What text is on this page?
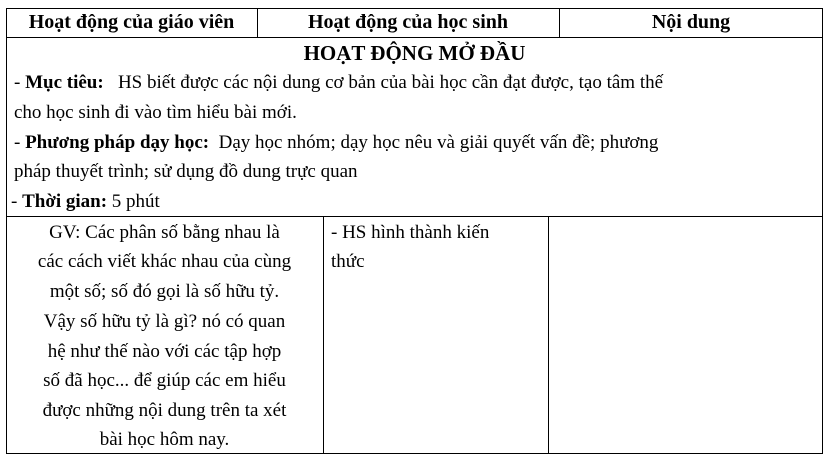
Hoạt động của giáo viên	Hoạt động của học sinh	Nội dung
HOẠT ĐỘNG MỞ ĐẦU
- Mục tiêu: HS biết được các nội dung cơ bản của bài học cần đạt được, tạo tâm thế
cho học sinh đi vào tìm hiểu bài mới.
- Phương pháp dạy học: Dạy học nhóm; dạy học nêu và giải quyết vấn đề; phương
pháp thuyết trình; sử dụng đồ dung trực quan
- Thời gian: 5 phút
GV: Các phân số bằng nhau là
các cách viết khác nhau của cùng
một số; số đó gọi là số hữu tỷ.
Vậy số hữu tỷ là gì? nó có quan
hệ như thế nào với các tập hợp
số đã học... để giúp các em hiểu
được những nội dung trên ta xét
bài học hôm nay.
- HS hình thành kiến
thức
